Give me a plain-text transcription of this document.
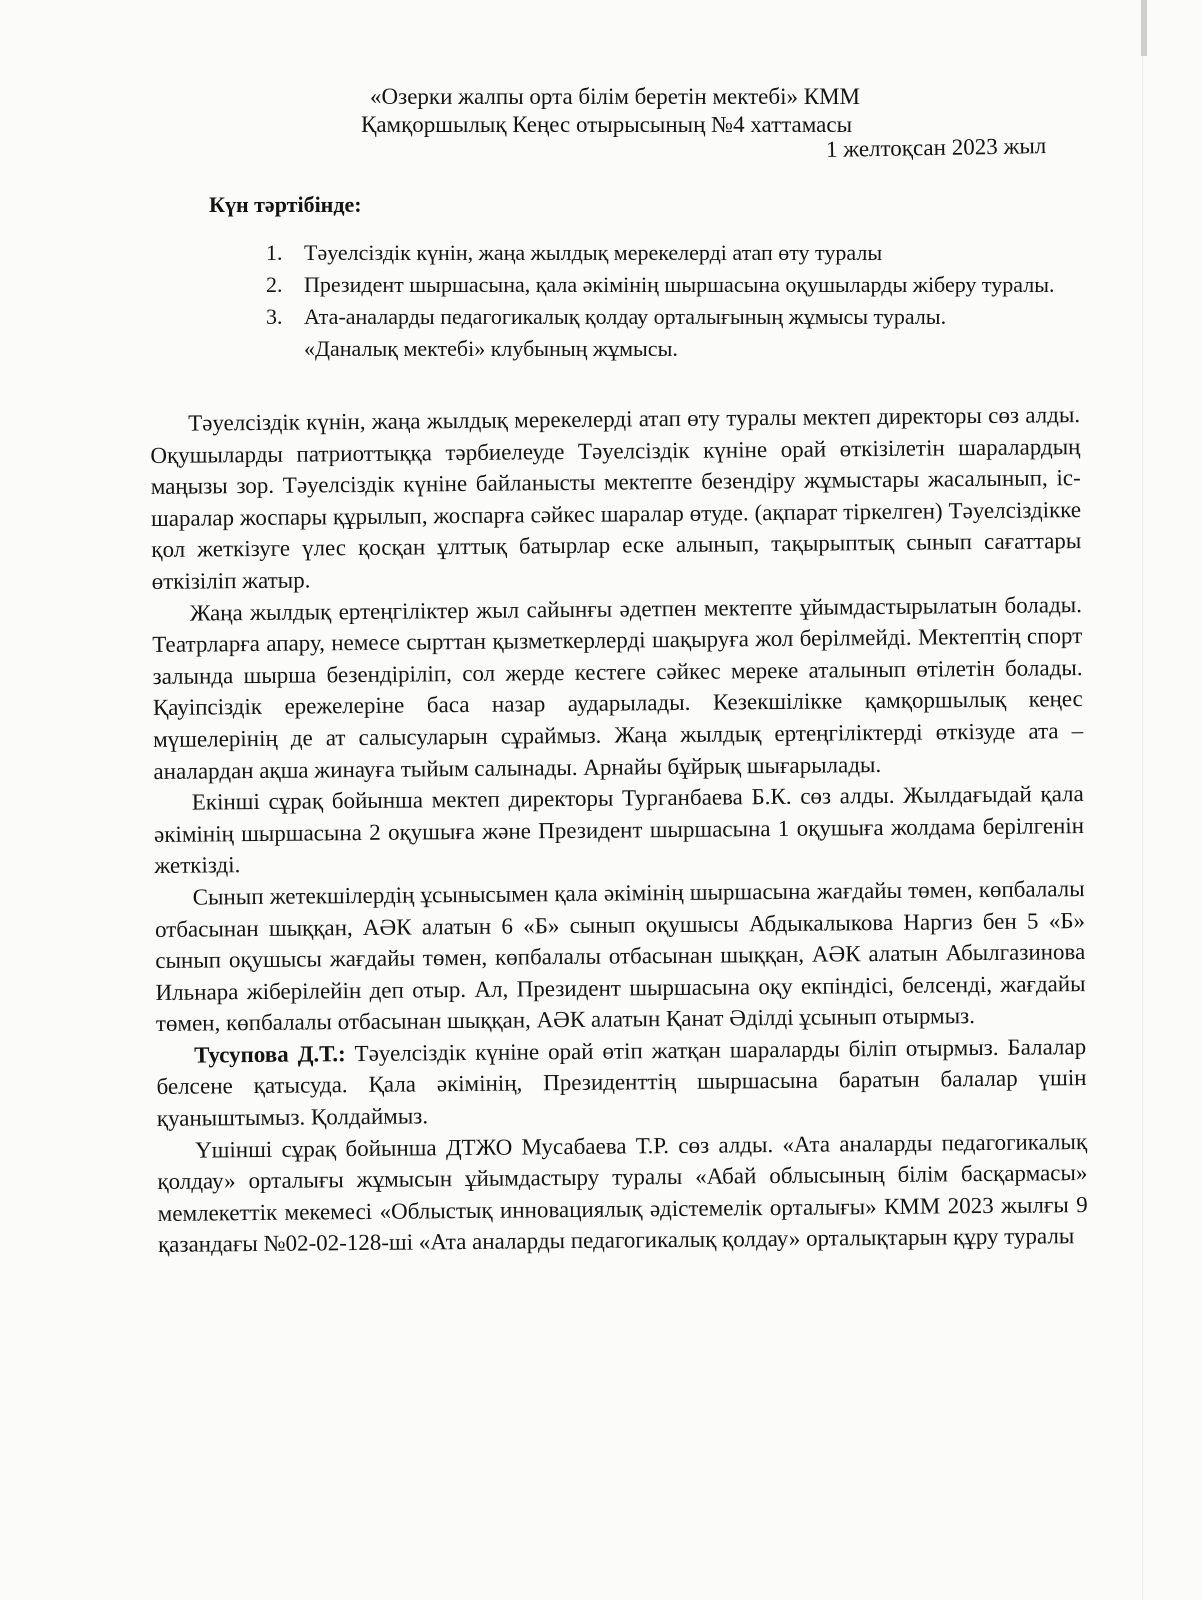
«Озерки жалпы орта білім беретін мектебі» КММ
Қамқоршылық Кеңес отырысының №4 хаттамасы
1 желтоқсан 2023 жыл
Күн тәртібінде:
1. Тәуелсіздік күнін, жаңа жылдық мерекелерді атап өту туралы
2. Президент шыршасына, қала әкімінің шыршасына оқушыларды жіберу туралы.
3. Ата-аналарды педагогикалық қолдау орталығының жұмысы туралы.
«Даналық мектебі» клубының жұмысы.

Тәуелсіздік күнін, жаңа жылдық мерекелерді атап өту туралы мектеп директоры сөз алды. Оқушыларды патриоттыққа тәрбиелеуде Тәуелсіздік күніне орай өткізілетін шаралардың маңызы зор. Тәуелсіздік күніне байланысты мектепте безендіру жұмыстары жасалынып, іс- шаралар жоспары құрылып, жоспарға сәйкес шаралар өтуде. (ақпарат тіркелген) Тәуелсіздікке қол жеткізуге үлес қосқан ұлттық батырлар еске алынып, тақырыптық сынып сағаттары өткізіліп жатыр.

Жаңа жылдық ертеңгіліктер жыл сайынғы әдетпен мектепте ұйымдастырылатын болады. Театрларға апару, немесе сырттан қызметкерлерді шақыруға жол берілмейді. Мектептің спорт залында шырша безендіріліп, сол жерде кестеге сәйкес мереке аталынып өтілетін болады. Қауіпсіздік ережелеріне баса назар аударылады. Кезекшілікке қамқоршылық кеңес мүшелерінің де ат салысуларын сұраймыз. Жаңа жылдық ертеңгіліктерді өткізуде ата – аналардан ақша жинауға тыйым салынады. Арнайы бұйрық шығарылады.

Екінші сұрақ бойынша мектеп директоры Турганбаева Б.К. сөз алды. Жылдағыдай қала әкімінің шыршасына 2 оқушыға және Президент шыршасына 1 оқушыға жолдама берілгенін жеткізді.

Сынып жетекшілердің ұсынысымен қала әкімінің шыршасына жағдайы төмен, көпбалалы отбасынан шыққан, АӘК алатын 6 «Б» сынып оқушысы Абдыкалыкова Наргиз бен 5 «Б» сынып оқушысы жағдайы төмен, көпбалалы отбасынан шыққан, АӘК алатын Абылгазинова Ильнара жіберілейін деп отыр. Ал, Президент шыршасына оқу екпіндісі, белсенді, жағдайы төмен, көпбалалы отбасынан шыққан, АӘК алатын Қанат Әділді ұсынып отырмыз.

Тусупова Д.Т.: Тәуелсіздік күніне орай өтіп жатқан шараларды біліп отырмыз. Балалар белсене қатысуда. Қала әкімінің, Президенттің шыршасына баратын балалар үшін қуаныштымыз. Қолдаймыз.

Үшінші сұрақ бойынша ДТЖО Мусабаева Т.Р. сөз алды. «Ата аналарды педагогикалық қолдау» орталығы жұмысын ұйымдастыру туралы «Абай облысының білім басқармасы» мемлекеттік мекемесі «Облыстық инновациялық әдістемелік орталығы» КММ 2023 жылғы 9 қазандағы №02-02-128-ші «Ата аналарды педагогикалық қолдау» орталықтарын құру туралы
